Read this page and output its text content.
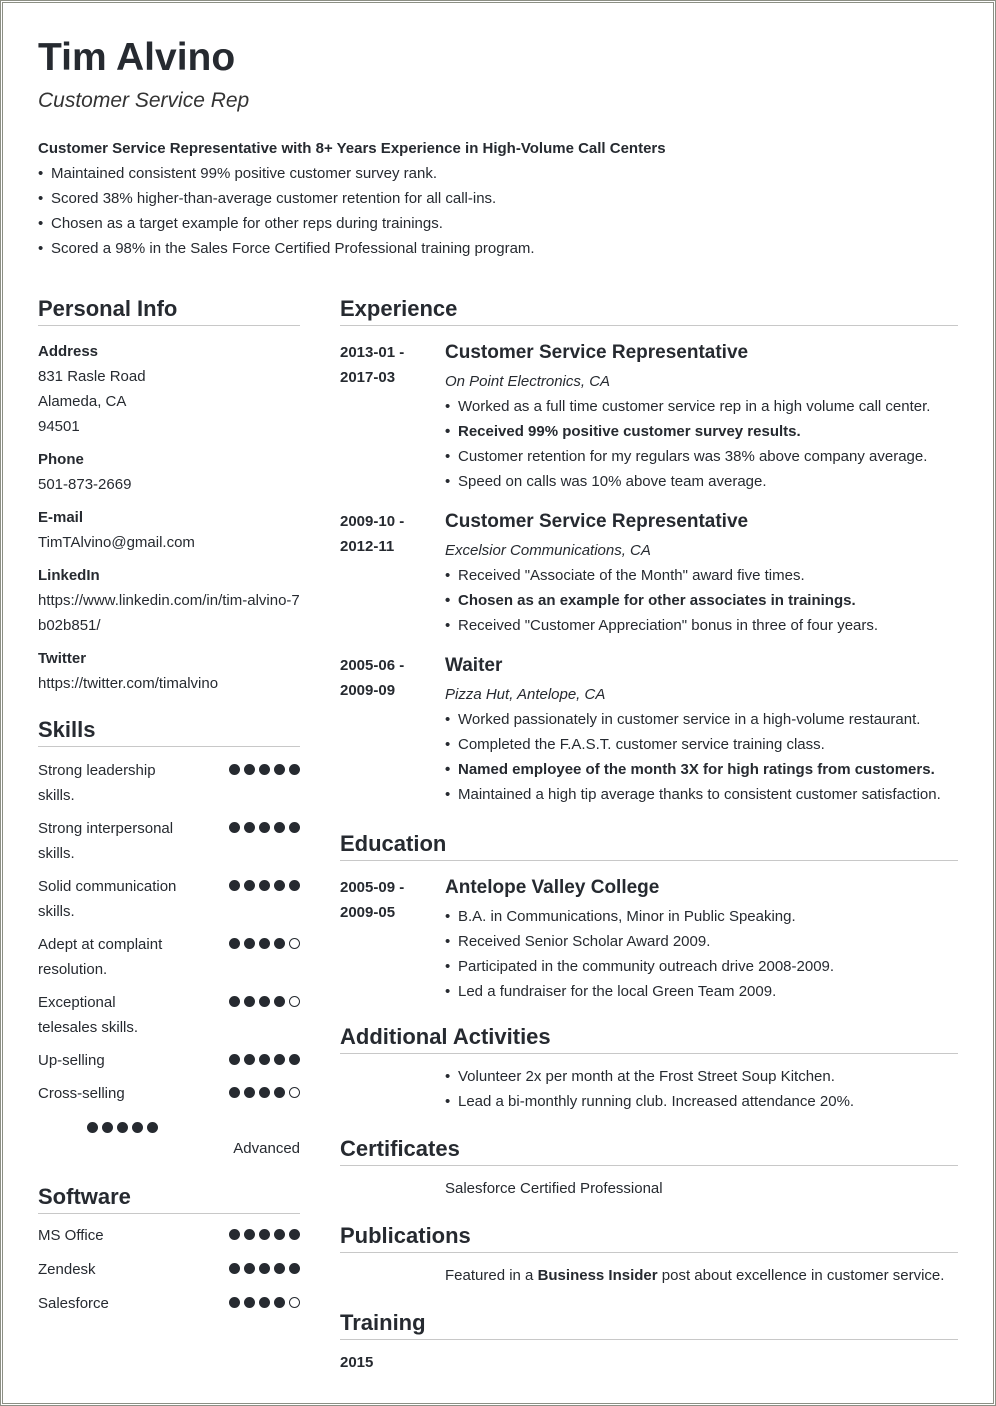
Tim Alvino
Customer Service Rep
Customer Service Representative with 8+ Years Experience in High-Volume Call Centers
• Maintained consistent 99% positive customer survey rank.
• Scored 38% higher-than-average customer retention for all call-ins.
• Chosen as a target example for other reps during trainings.
• Scored a 98% in the Sales Force Certified Professional training program.
Personal Info
Address
831 Rasle Road
Alameda, CA
94501
Phone
501-873-2669
E-mail
TimTAlvino@gmail.com
LinkedIn
https://www.linkedin.com/in/tim-alvino-7b02b851/
Twitter
https://twitter.com/timalvino
Skills
Strong leadership skills.
Strong interpersonal skills.
Solid communication skills.
Adept at complaint resolution.
Exceptional telesales skills.
Up-selling
Cross-selling
Advanced
Software
MS Office
Zendesk
Salesforce
Experience
2013-01 -
2017-03
Customer Service Representative
On Point Electronics, CA
• Worked as a full time customer service rep in a high volume call center.
• Received 99% positive customer survey results.
• Customer retention for my regulars was 38% above company average.
• Speed on calls was 10% above team average.
2009-10 -
2012-11
Customer Service Representative
Excelsior Communications, CA
• Received "Associate of the Month" award five times.
• Chosen as an example for other associates in trainings.
• Received "Customer Appreciation" bonus in three of four years.
2005-06 -
2009-09
Waiter
Pizza Hut, Antelope, CA
• Worked passionately in customer service in a high-volume restaurant.
• Completed the F.A.S.T. customer service training class.
• Named employee of the month 3X for high ratings from customers.
• Maintained a high tip average thanks to consistent customer satisfaction.
Education
2005-09 -
2009-05
Antelope Valley College
• B.A. in Communications, Minor in Public Speaking.
• Received Senior Scholar Award 2009.
• Participated in the community outreach drive 2008-2009.
• Led a fundraiser for the local Green Team 2009.
Additional Activities
• Volunteer 2x per month at the Frost Street Soup Kitchen.
• Lead a bi-monthly running club. Increased attendance 20%.
Certificates
Salesforce Certified Professional
Publications
Featured in a Business Insider post about excellence in customer service.
Training
2015
